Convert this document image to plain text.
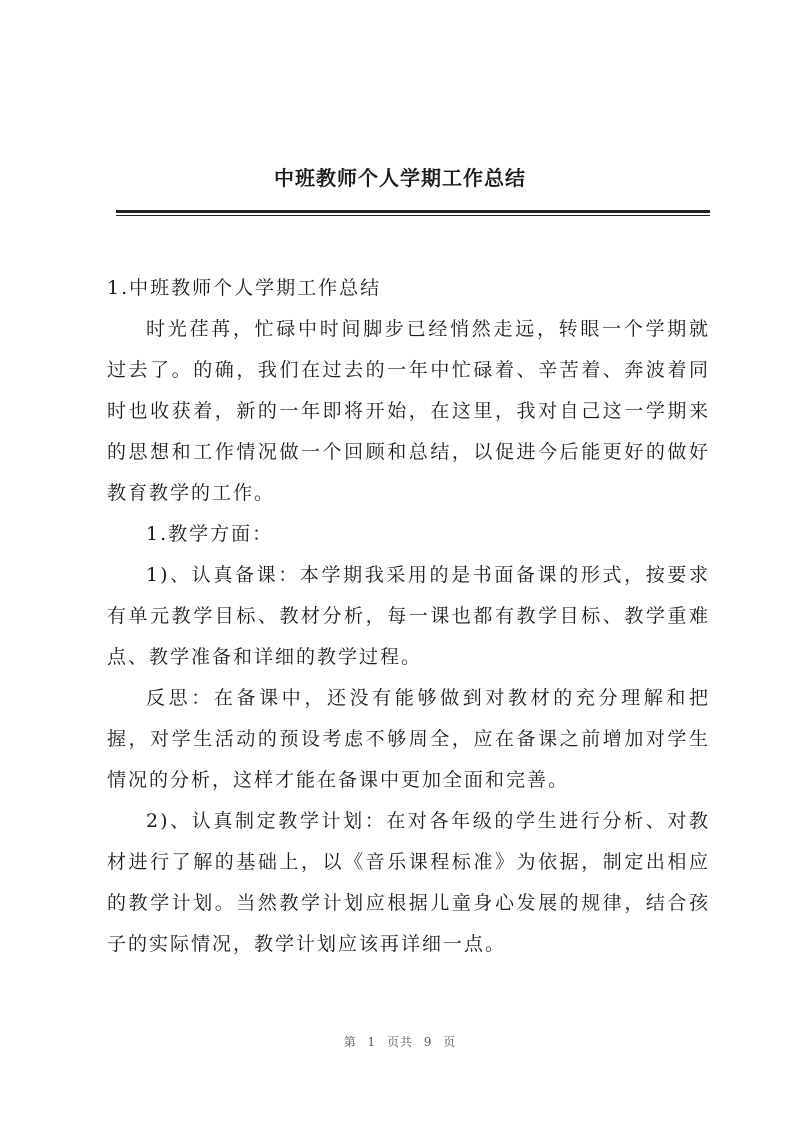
中班教师个人学期工作总结

1.中班教师个人学期工作总结

时光荏苒，忙碌中时间脚步已经悄然走远，转眼一个学期就过去了。的确，我们在过去的一年中忙碌着、辛苦着、奔波着同时也收获着，新的一年即将开始，在这里，我对自己这一学期来的思想和工作情况做一个回顾和总结，以促进今后能更好的做好教育教学的工作。

1.教学方面：

1)、认真备课：本学期我采用的是书面备课的形式，按要求有单元教学目标、教材分析，每一课也都有教学目标、教学重难点、教学准备和详细的教学过程。

反思：在备课中，还没有能够做到对教材的充分理解和把握，对学生活动的预设考虑不够周全，应在备课之前增加对学生情况的分析，这样才能在备课中更加全面和完善。

2)、认真制定教学计划：在对各年级的学生进行分析、对教材进行了解的基础上，以《音乐课程标准》为依据，制定出相应的教学计划。当然教学计划应根据儿童身心发展的规律，结合孩子的实际情况，教学计划应该再详细一点。

第 1 页共 9 页
